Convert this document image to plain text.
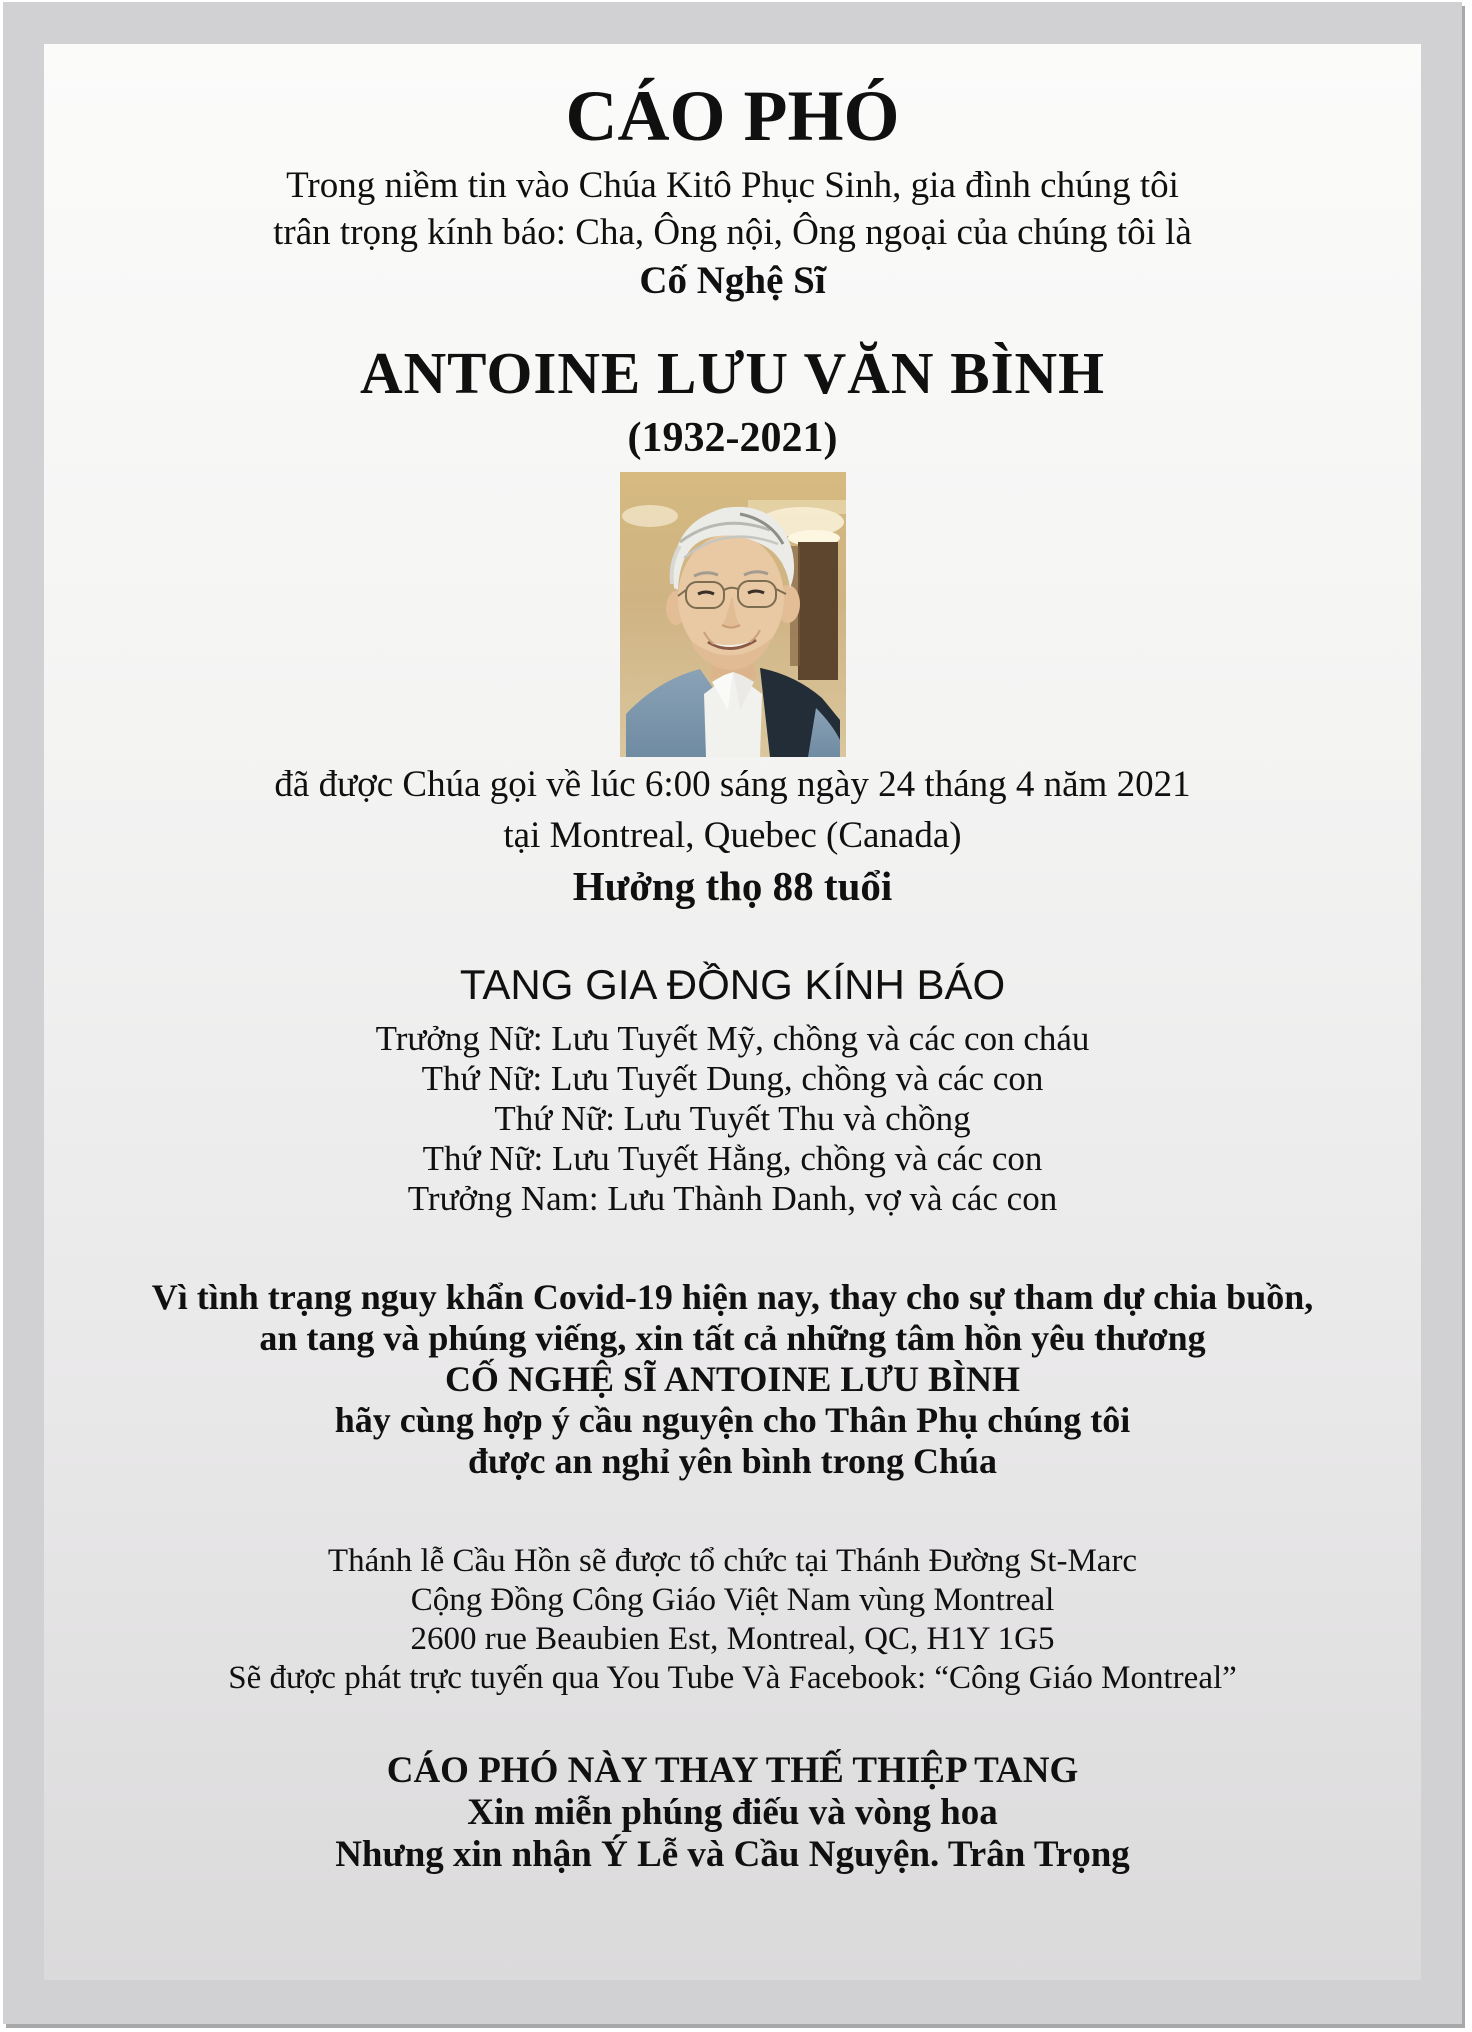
CÁO PHÓ
Trong niềm tin vào Chúa Kitô Phục Sinh, gia đình chúng tôi
trân trọng kính báo: Cha, Ông nội, Ông ngoại của chúng tôi là
Cố Nghệ Sĩ
ANTOINE LƯU VĂN BÌNH
(1932-2021)
đã được Chúa gọi về lúc 6:00 sáng ngày 24 tháng 4 năm 2021
tại Montreal, Quebec (Canada)
Hưởng thọ 88 tuổi
TANG GIA ĐỒNG KÍNH BÁO
Trưởng Nữ: Lưu Tuyết Mỹ, chồng và các con cháu
Thứ Nữ: Lưu Tuyết Dung, chồng và các con
Thứ Nữ: Lưu Tuyết Thu và chồng
Thứ Nữ: Lưu Tuyết Hằng, chồng và các con
Trưởng Nam: Lưu Thành Danh, vợ và các con
Vì tình trạng nguy khẩn Covid-19 hiện nay, thay cho sự tham dự chia buồn,
an tang và phúng viếng, xin tất cả những tâm hồn yêu thương
CỐ NGHỆ SĨ ANTOINE LƯU BÌNH
hãy cùng hợp ý cầu nguyện cho Thân Phụ chúng tôi
được an nghỉ yên bình trong Chúa
Thánh lễ Cầu Hồn sẽ được tổ chức tại Thánh Đường St-Marc
Cộng Đồng Công Giáo Việt Nam vùng Montreal
2600 rue Beaubien Est, Montreal, QC, H1Y 1G5
Sẽ được phát trực tuyến qua You Tube Và Facebook: “Công Giáo Montreal”
CÁO PHÓ NÀY THAY THẾ THIỆP TANG
Xin miễn phúng điếu và vòng hoa
Nhưng xin nhận Ý Lễ và Cầu Nguyện. Trân Trọng
